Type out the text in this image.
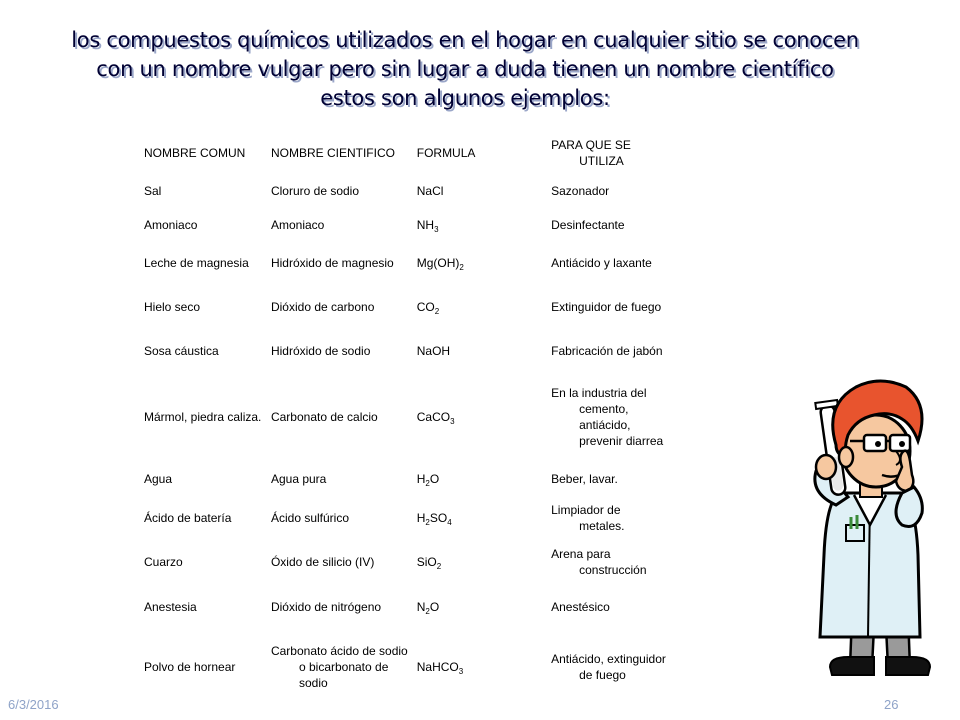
los compuestos químicos utilizados en el hogar en cualquier sitio se conocen
con un nombre vulgar pero sin lugar a duda tienen un nombre científico
estos son algunos ejemplos:
NOMBRE COMUN	NOMBRE CIENTIFICO	FORMULA	PARA QUE SE UTILIZA

Sal	Cloruro de sodio	NaCl	Sazonador

Amoniaco	Amoniaco	$NH_3$	Desinfectante

Leche de magnesia	Hidróxido de magnesio	$Mg(OH)_2$	Antiácido y laxante

Hielo seco	Dióxido de carbono	$CO_2$	Extinguidor de fuego

Sosa cáustica	Hidróxido de sodio	NaOH	Fabricación de jabón

Mármol, piedra caliza.	Carbonato de calcio	CaCO$_3$	En la industria del cemento, antiácido, prevenir diarrea

Agua	Agua pura	$H_2O$	Beber, lavar.

Ácido de batería	Ácido sulfúrico	$H_2SO_4$	Limpiador de metales.

Cuarzo	Óxido de silicio (IV)	SiO$_2$	Arena para construcción

Anestesia	Dióxido de nitrógeno	$N_2O$	Anestésico

Polvo de hornear	Carbonato ácido de sodio o bicarbonato de sodio	NaHCO$_3$	Antiácido, extinguidor de fuego
6/3/2016	26
